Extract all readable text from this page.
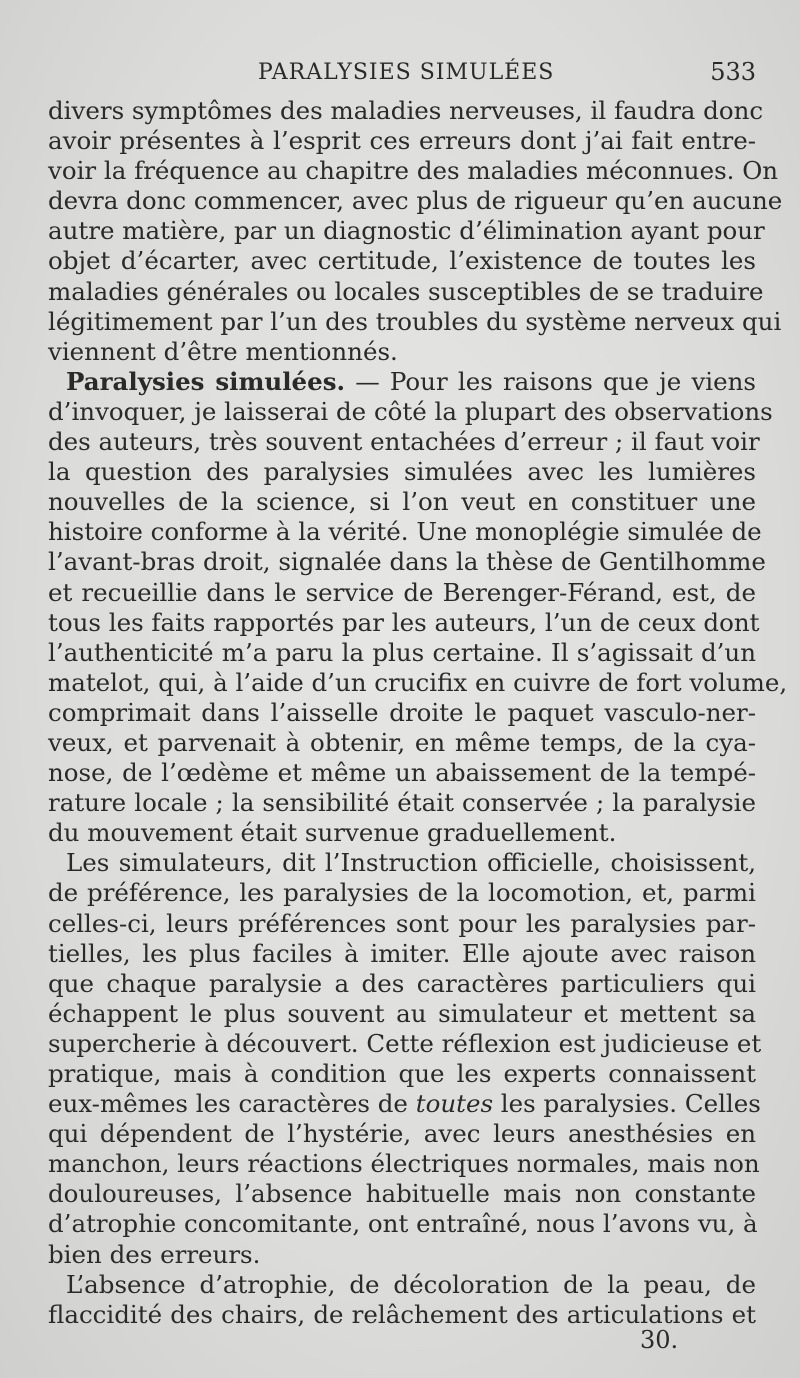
PARALYSIES SIMULÉES	533
divers symptômes des maladies nerveuses, il faudra donc
avoir présentes à l’esprit ces erreurs dont j’ai fait entre-
voir la fréquence au chapitre des maladies méconnues. On
devra donc commencer, avec plus de rigueur qu’en aucune
autre matière, par un diagnostic d’élimination ayant pour
objet d’écarter, avec certitude, l’existence de toutes les
maladies générales ou locales susceptibles de se traduire
légitimement par l’un des troubles du système nerveux qui
viennent d’être mentionnés.
Paralysies simulées. — Pour les raisons que je viens
d’invoquer, je laisserai de côté la plupart des observations
des auteurs, très souvent entachées d’erreur ; il faut voir
la question des paralysies simulées avec les lumières
nouvelles de la science, si l’on veut en constituer une
histoire conforme à la vérité. Une monoplégie simulée de
l’avant-bras droit, signalée dans la thèse de Gentilhomme
et recueillie dans le service de Berenger-Férand, est, de
tous les faits rapportés par les auteurs, l’un de ceux dont
l’authenticité m’a paru la plus certaine. Il s’agissait d’un
matelot, qui, à l’aide d’un crucifix en cuivre de fort volume,
comprimait dans l’aisselle droite le paquet vasculo-ner-
veux, et parvenait à obtenir, en même temps, de la cya-
nose, de l’œdème et même un abaissement de la tempé-
rature locale ; la sensibilité était conservée ; la paralysie
du mouvement était survenue graduellement.
Les simulateurs, dit l’Instruction officielle, choisissent,
de préférence, les paralysies de la locomotion, et, parmi
celles-ci, leurs préférences sont pour les paralysies par-
tielles, les plus faciles à imiter. Elle ajoute avec raison
que chaque paralysie a des caractères particuliers qui
échappent le plus souvent au simulateur et mettent sa
supercherie à découvert. Cette réflexion est judicieuse et
pratique, mais à condition que les experts connaissent
eux-mêmes les caractères de toutes les paralysies. Celles
qui dépendent de l’hystérie, avec leurs anesthésies en
manchon, leurs réactions électriques normales, mais non
douloureuses, l’absence habituelle mais non constante
d’atrophie concomitante, ont entraîné, nous l’avons vu, à
bien des erreurs.
L’absence d’atrophie, de décoloration de la peau, de
flaccidité des chairs, de relâchement des articulations et
30.
